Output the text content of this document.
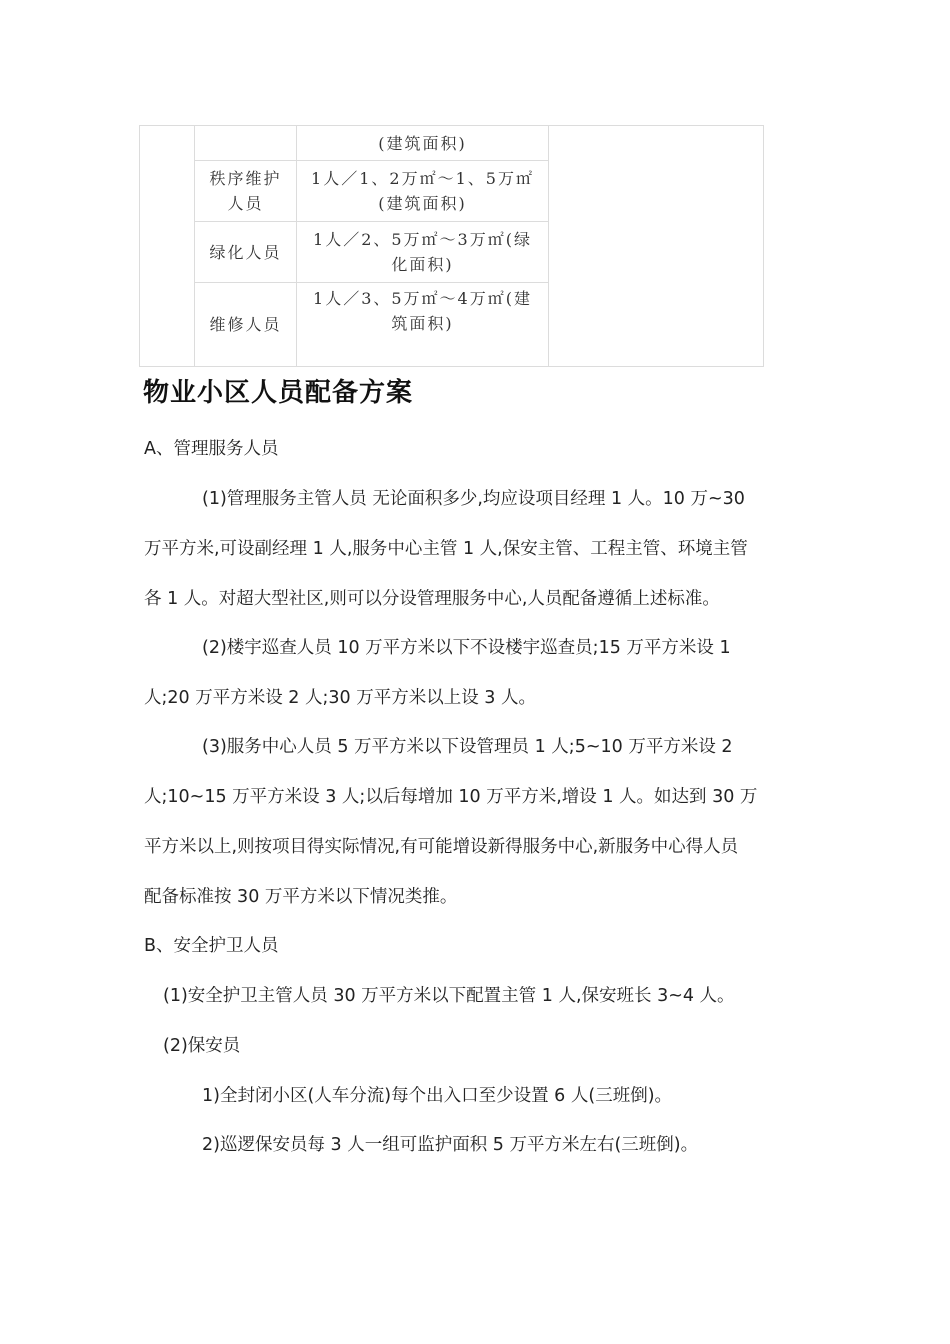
		(建筑面积)	
	秩序维护人员	1人／1、2万㎡～1、5万㎡
(建筑面积)	
	绿化人员	1人／2、5万㎡～3万㎡(绿
化面积)	
	维修人员	1人／3、5万㎡～4万㎡(建
筑面积)	
物业小区人员配备方案

A、管理服务人员

(1)管理服务主管人员 无论面积多少,均应设项目经理 1 人。10 万~30

万平方米,可设副经理 1 人,服务中心主管 1 人,保安主管、工程主管、环境主管

各 1 人。对超大型社区,则可以分设管理服务中心,人员配备遵循上述标准。

(2)楼宇巡查人员 10 万平方米以下不设楼宇巡查员;15 万平方米设 1

人;20 万平方米设 2 人;30 万平方米以上设 3 人。

(3)服务中心人员 5 万平方米以下设管理员 1 人;5~10 万平方米设 2

人;10~15 万平方米设 3 人;以后每增加 10 万平方米,增设 1 人。如达到 30 万

平方米以上,则按项目得实际情况,有可能增设新得服务中心,新服务中心得人员

配备标准按 30 万平方米以下情况类推。

B、安全护卫人员

(1)安全护卫主管人员 30 万平方米以下配置主管 1 人,保安班长 3~4 人。

(2)保安员

1)全封闭小区(人车分流)每个出入口至少设置 6 人(三班倒)。

2)巡逻保安员每 3 人一组可监护面积 5 万平方米左右(三班倒)。
